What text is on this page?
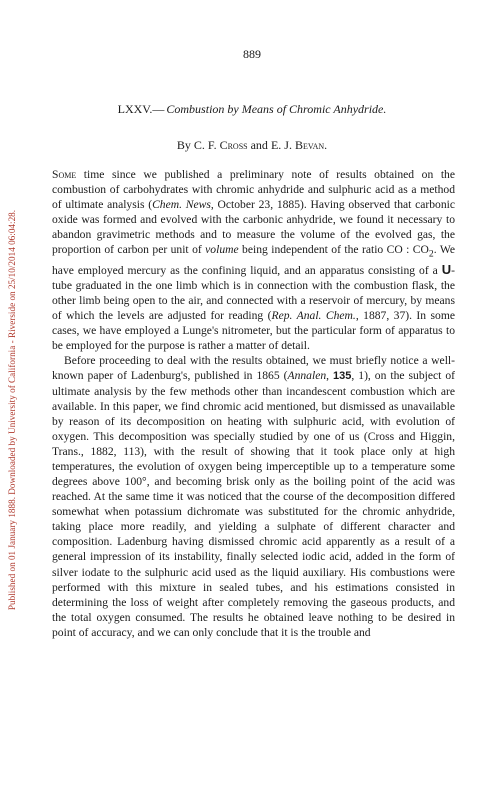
Published on 01 January 1888. Downloaded by University of California - Riverside on 25/10/2014 06:04:28.
889
LXXV.— Combustion by Means of Chromic Anhydride.
By C. F. Cross and E. J. Bevan.

Some time since we published a preliminary note of results obtained on the combustion of carbohydrates with chromic anhydride and sulphuric acid as a method of ultimate analysis (Chem. News, October 23, 1885). Having observed that carbonic oxide was formed and evolved with the carbonic anhydride, we found it necessary to abandon gravimetric methods and to measure the volume of the evolved gas, the proportion of carbon per unit of volume being independent of the ratio CO : $CO_2$. We have employed mercury as the confining liquid, and an apparatus consisting of a U-tube graduated in the one limb which is in connection with the combustion flask, the other limb being open to the air, and connected with a reservoir of mercury, by means of which the levels are adjusted for reading (Rep. Anal. Chem., 1887, 37). In some cases, we have employed a Lunge's nitrometer, but the particular form of apparatus to be employed for the purpose is rather a matter of detail.

Before proceeding to deal with the results obtained, we must briefly notice a well-known paper of Ladenburg's, published in 1865 (Annalen, 135, 1), on the subject of ultimate analysis by the few methods other than incandescent combustion which are available. In this paper, we find chromic acid mentioned, but dismissed as unavailable by reason of its decomposition on heating with sulphuric acid, with evolution of oxygen. This decomposition was specially studied by one of us (Cross and Higgin, Trans., 1882, 113), with the result of showing that it took place only at high temperatures, the evolution of oxygen being imperceptible up to a temperature some degrees above 100°, and becoming brisk only as the boiling point of the acid was reached. At the same time it was noticed that the course of the decomposition differed somewhat when potassium dichromate was substituted for the chromic anhydride, taking place more readily, and yielding a sulphate of different character and composition. Ladenburg having dismissed chromic acid apparently as a result of a general impression of its instability, finally selected iodic acid, added in the form of silver iodate to the sulphuric acid used as the liquid auxiliary. His combustions were performed with this mixture in sealed tubes, and his estimations consisted in determining the loss of weight after completely removing the gaseous products, and the total oxygen consumed. The results he obtained leave nothing to be desired in point of accuracy, and we can only conclude that it is the trouble and
